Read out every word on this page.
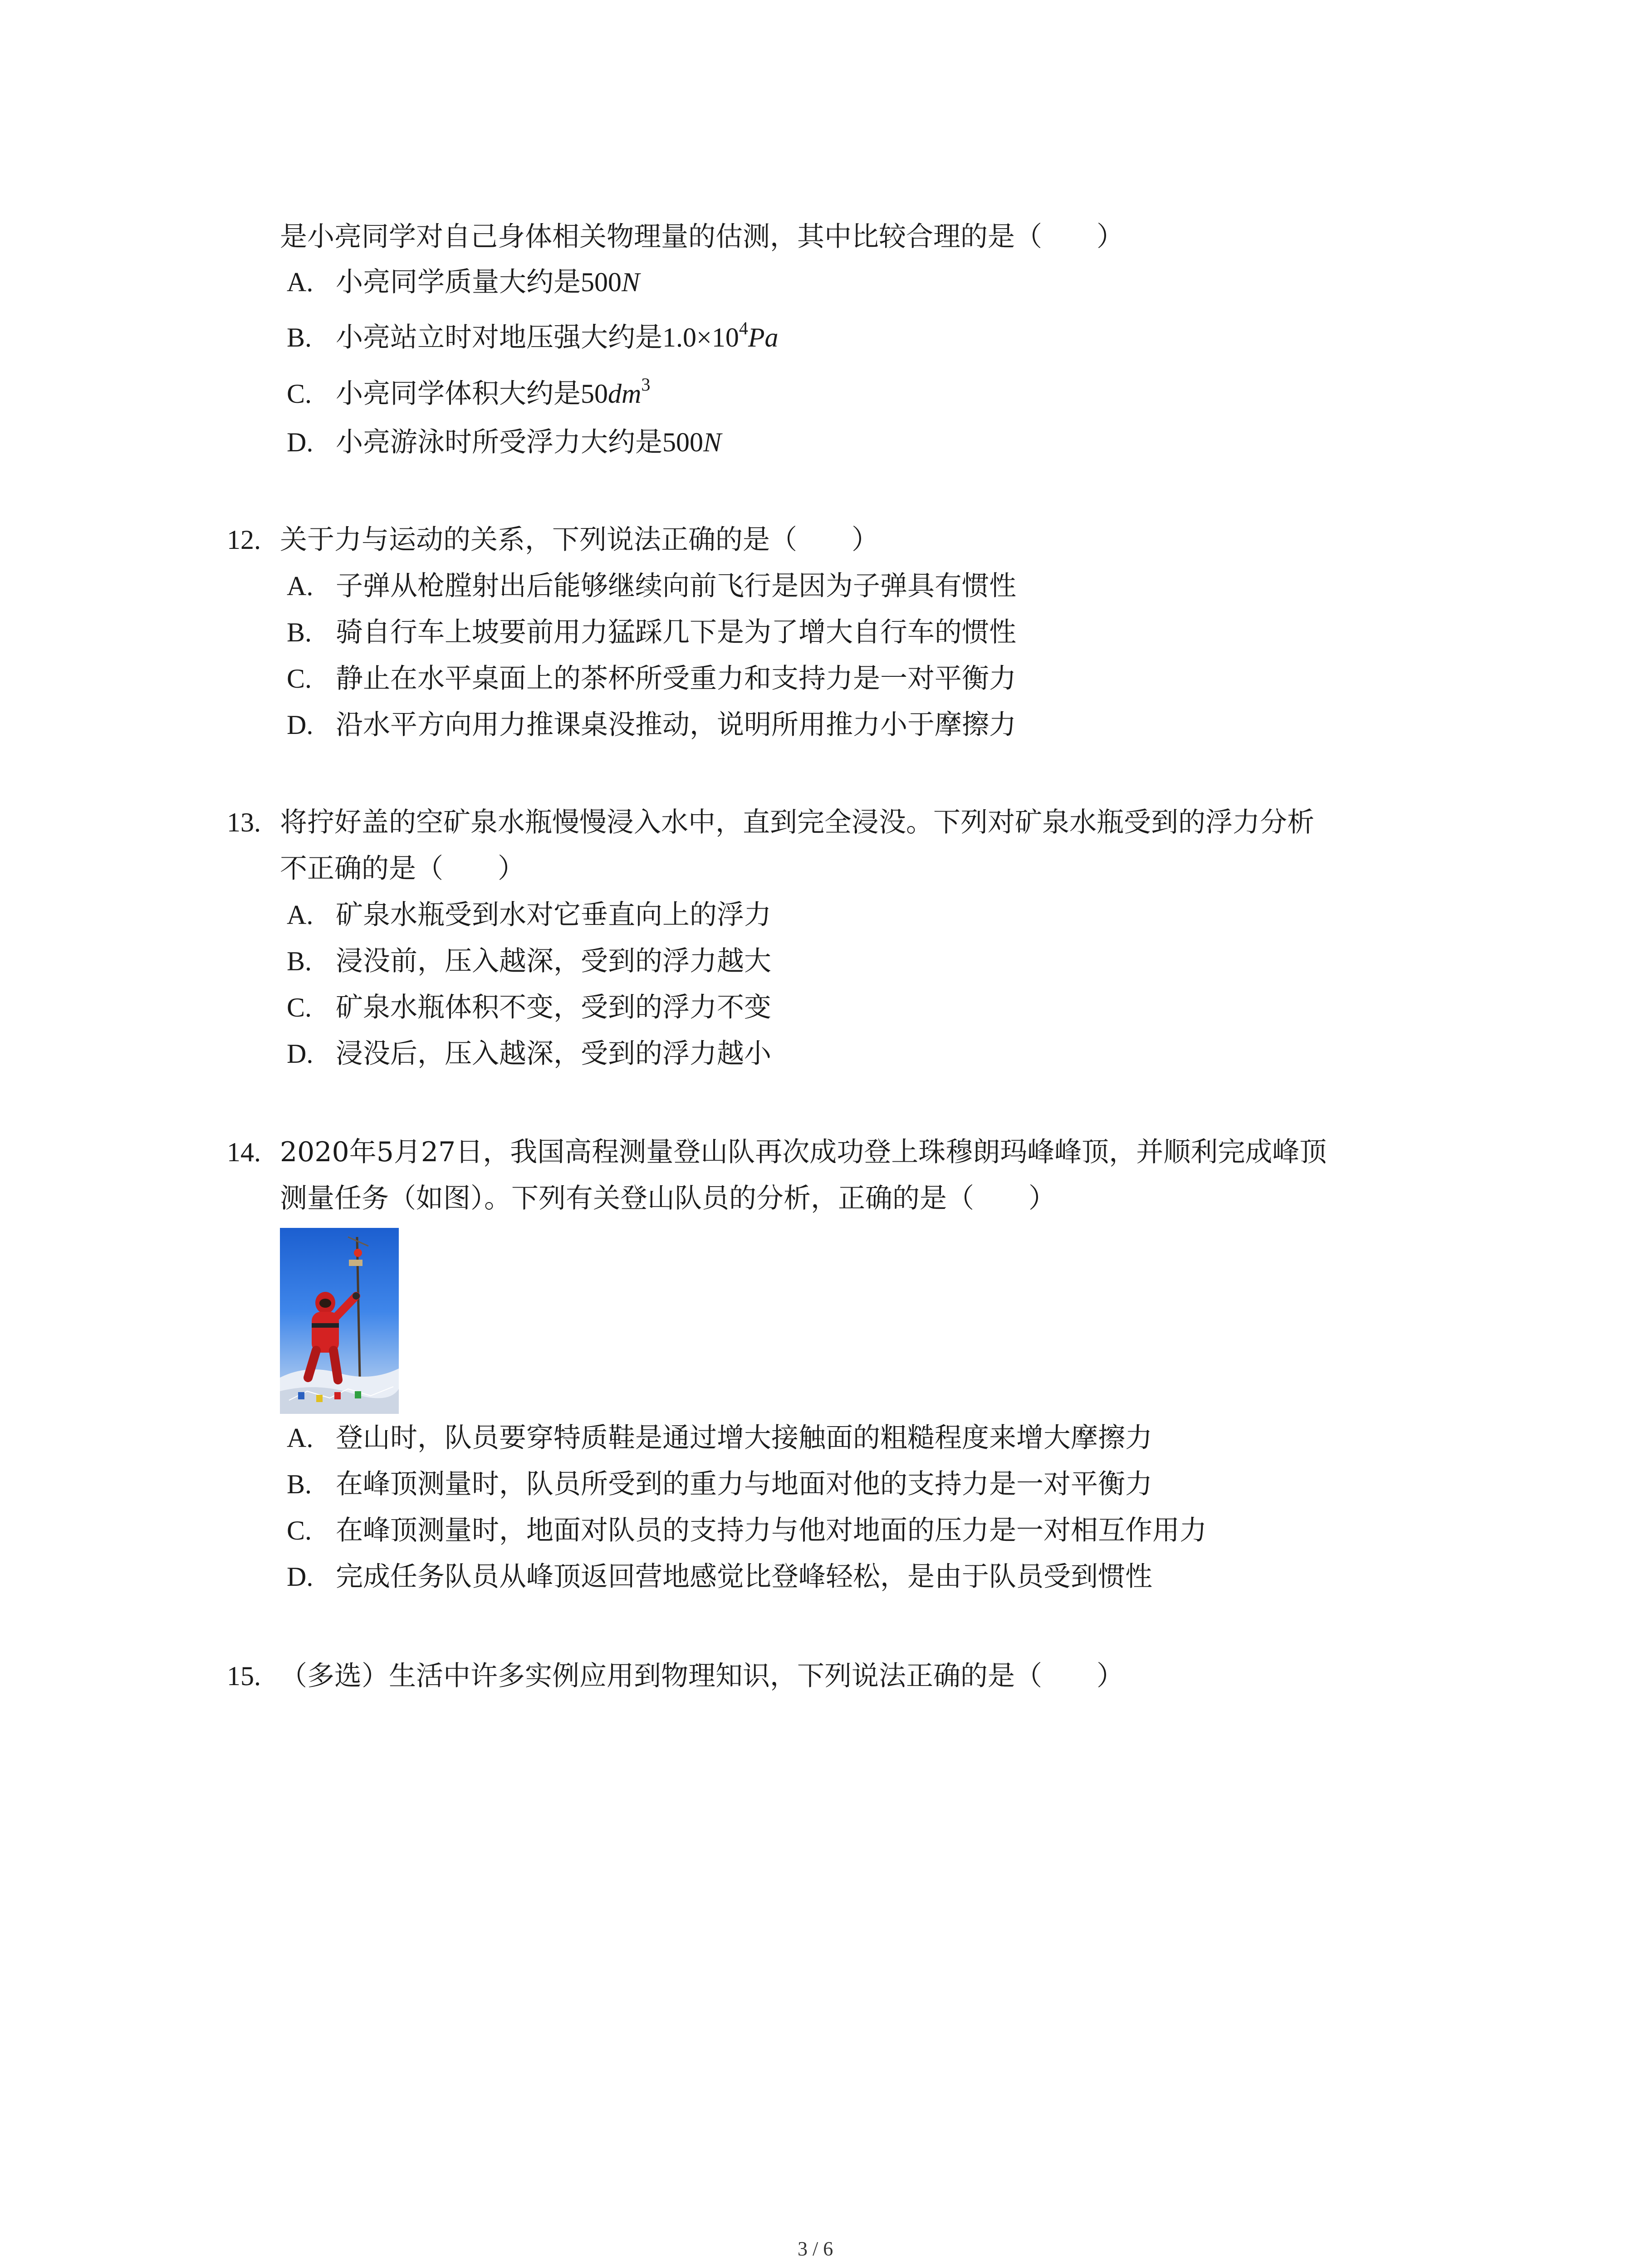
是小亮同学对自己身体相关物理量的估测，其中比较合理的是（　　）
A. 小亮同学质量大约是500N
B. 小亮站立时对地压强大约是$1.0\times 10^4Pa$
C. 小亮同学体积大约是$50dm^3$
D. 小亮游泳时所受浮力大约是500N
12. 关于力与运动的关系，下列说法正确的是（　　）
A. 子弹从枪膛射出后能够继续向前飞行是因为子弹具有惯性
B. 骑自行车上坡要前用力猛踩几下是为了增大自行车的惯性
C. 静止在水平桌面上的茶杯所受重力和支持力是一对平衡力
D. 沿水平方向用力推课桌没推动，说明所用推力小于摩擦力
13. 将拧好盖的空矿泉水瓶慢慢浸入水中，直到完全浸没。下列对矿泉水瓶受到的浮力分析
不正确的是（　　）
A. 矿泉水瓶受到水对它垂直向上的浮力
B. 浸没前，压入越深，受到的浮力越大
C. 矿泉水瓶体积不变，受到的浮力不变
D. 浸没后，压入越深，受到的浮力越小
14. 2020年5月27日，我国高程测量登山队再次成功登上珠穆朗玛峰峰顶，并顺利完成峰顶
测量任务（如图）。下列有关登山队员的分析，正确的是（　　）
A. 登山时，队员要穿特质鞋是通过增大接触面的粗糙程度来增大摩擦力
B. 在峰顶测量时，队员所受到的重力与地面对他的支持力是一对平衡力
C. 在峰顶测量时，地面对队员的支持力与他对地面的压力是一对相互作用力
D. 完成任务队员从峰顶返回营地感觉比登峰轻松，是由于队员受到惯性
15. （多选）生活中许多实例应用到物理知识，下列说法正确的是（　　）
3 / 6
